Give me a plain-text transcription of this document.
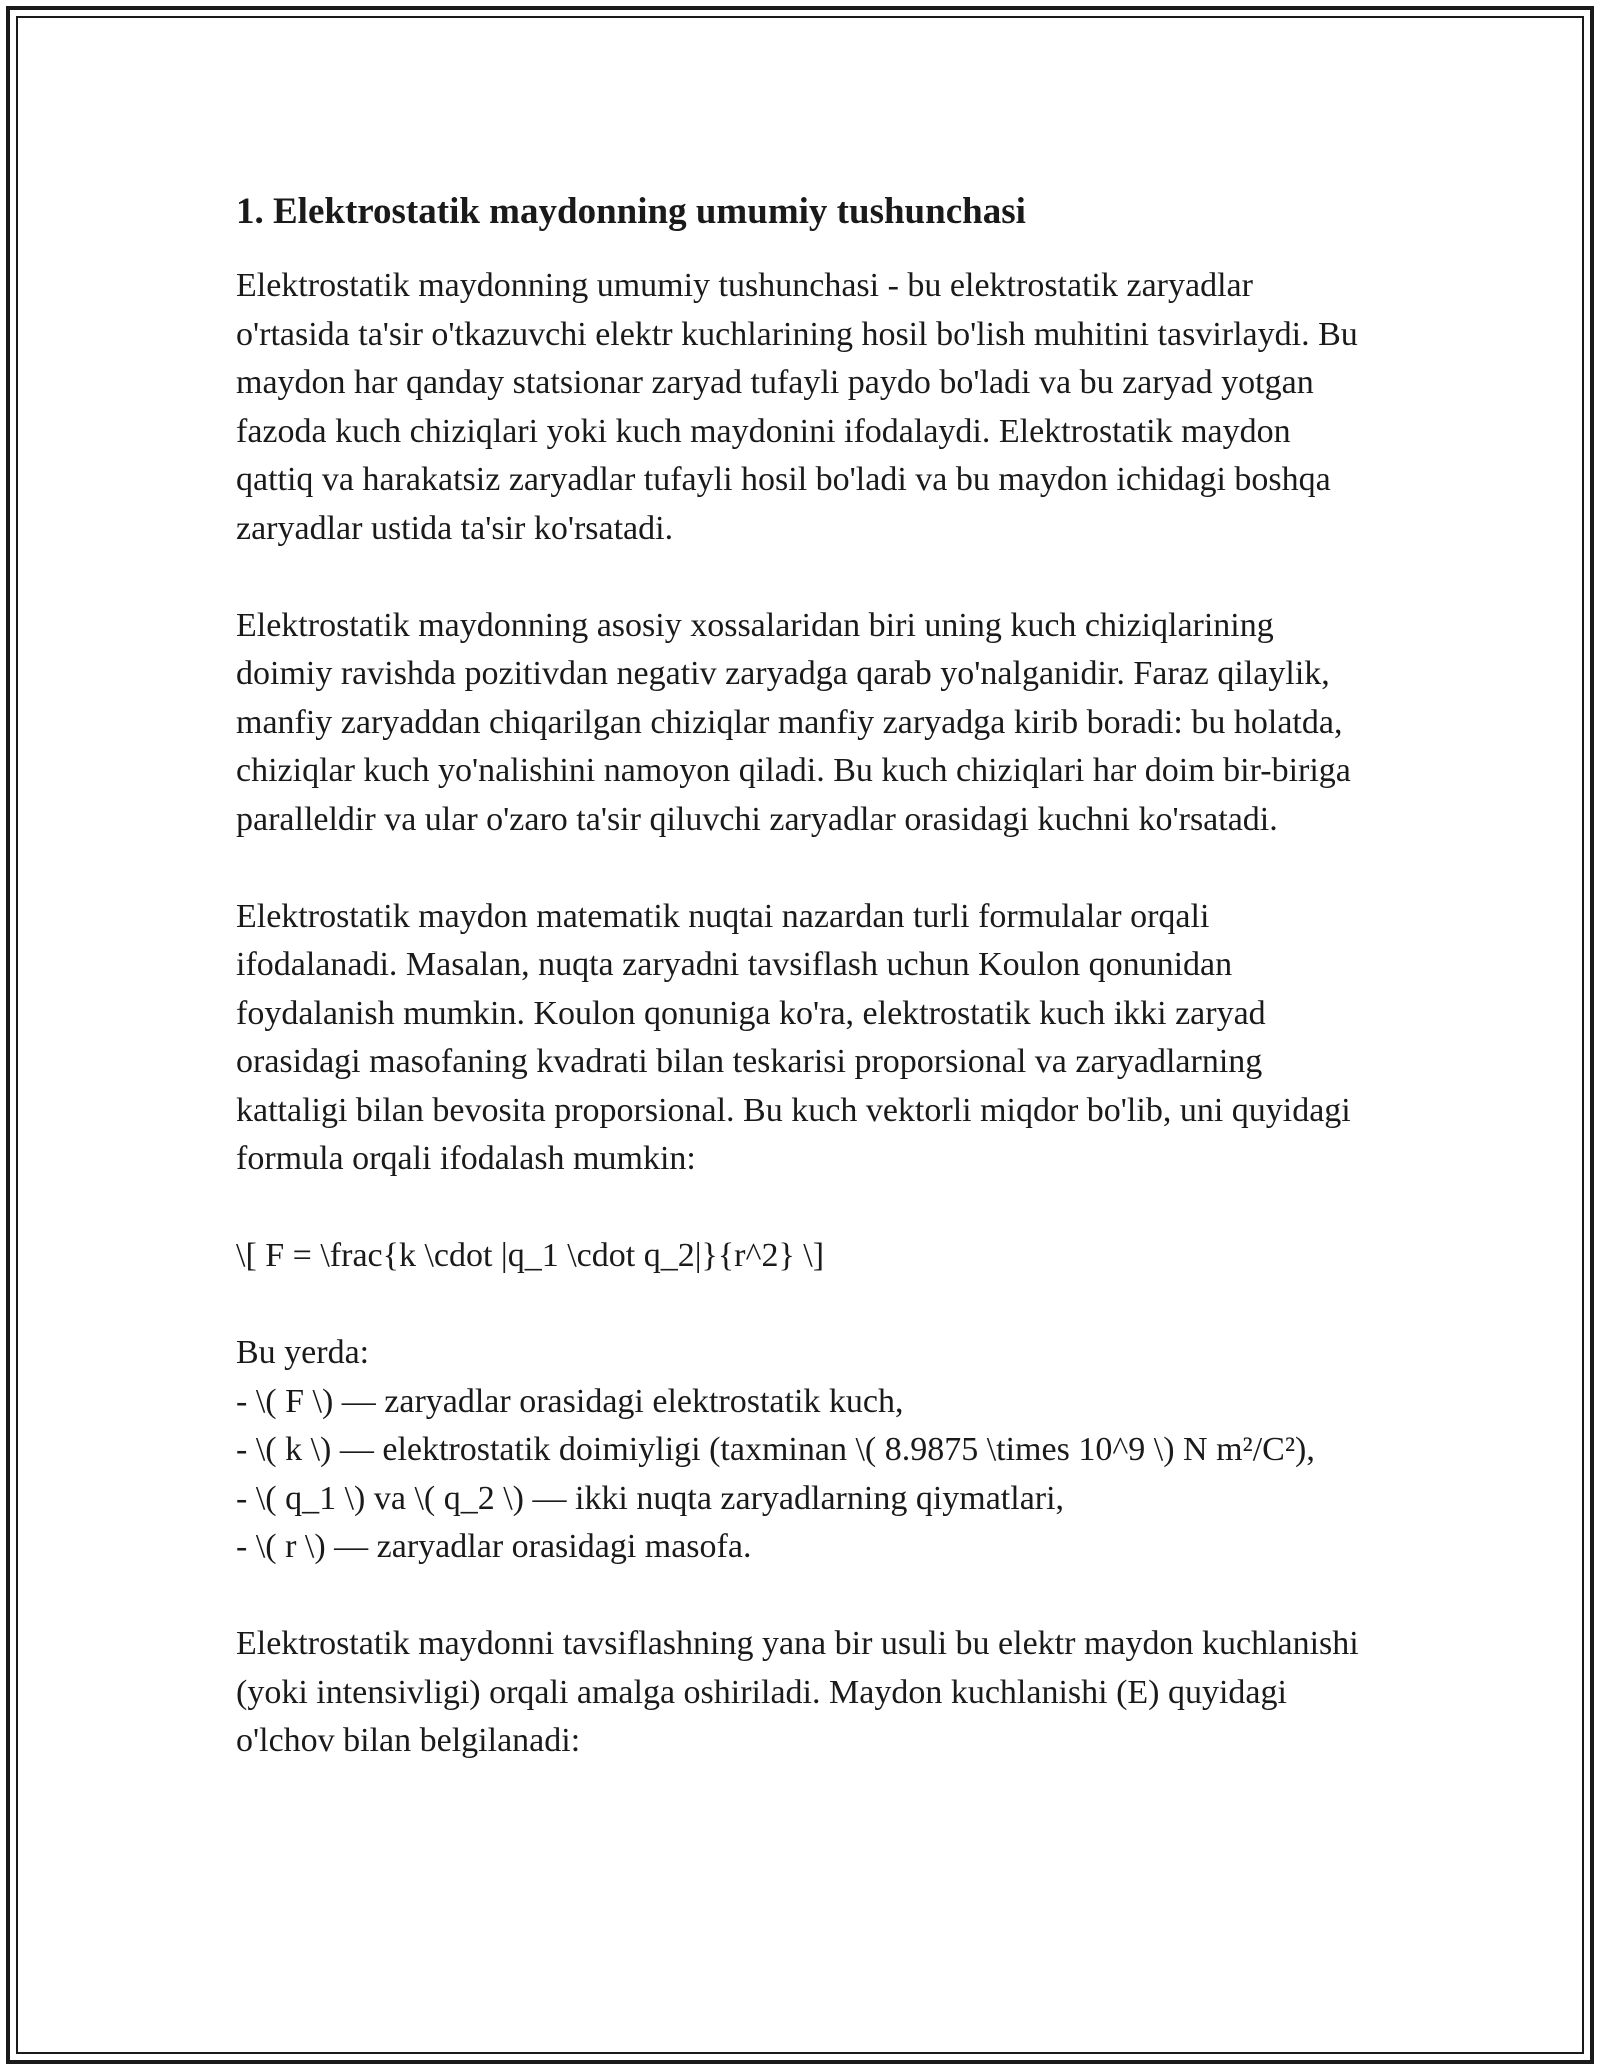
1. Elektrostatik maydonning umumiy tushunchasi

Elektrostatik maydonning umumiy tushunchasi - bu elektrostatik zaryadlar o'rtasida ta'sir o'tkazuvchi elektr kuchlarining hosil bo'lish muhitini tasvirlaydi. Bu maydon har qanday statsionar zaryad tufayli paydo bo'ladi va bu zaryad yotgan fazoda kuch chiziqlari yoki kuch maydonini ifodalaydi. Elektrostatik maydon qattiq va harakatsiz zaryadlar tufayli hosil bo'ladi va bu maydon ichidagi boshqa zaryadlar ustida ta'sir ko'rsatadi.

Elektrostatik maydonning asosiy xossalaridan biri uning kuch chiziqlarining doimiy ravishda pozitivdan negativ zaryadga qarab yo'nalganidir. Faraz qilaylik, manfiy zaryaddan chiqarilgan chiziqlar manfiy zaryadga kirib boradi: bu holatda, chiziqlar kuch yo'nalishini namoyon qiladi. Bu kuch chiziqlari har doim bir-biriga paralleldir va ular o'zaro ta'sir qiluvchi zaryadlar orasidagi kuchni ko'rsatadi.

Elektrostatik maydon matematik nuqtai nazardan turli formulalar orqali ifodalanadi. Masalan, nuqta zaryadni tavsiflash uchun Koulon qonunidan foydalanish mumkin. Koulon qonuniga ko'ra, elektrostatik kuch ikki zaryad orasidagi masofaning kvadrati bilan teskarisi proporsional va zaryadlarning kattaligi bilan bevosita proporsional. Bu kuch vektorli miqdor bo'lib, uni quyidagi formula orqali ifodalash mumkin:

\[ F = \frac{k \cdot |q_1 \cdot q_2|}{r^2} \]

Bu yerda:
- \( F \) — zaryadlar orasidagi elektrostatik kuch,
- \( k \) — elektrostatik doimiyligi (taxminan \( 8.9875 \times 10^9 \) N m²/C²),
- \( q_1 \) va \( q_2 \) — ikki nuqta zaryadlarning qiymatlari,
- \( r \) — zaryadlar orasidagi masofa.

Elektrostatik maydonni tavsiflashning yana bir usuli bu elektr maydon kuchlanishi (yoki intensivligi) orqali amalga oshiriladi. Maydon kuchlanishi (E) quyidagi o'lchov bilan belgilanadi:
